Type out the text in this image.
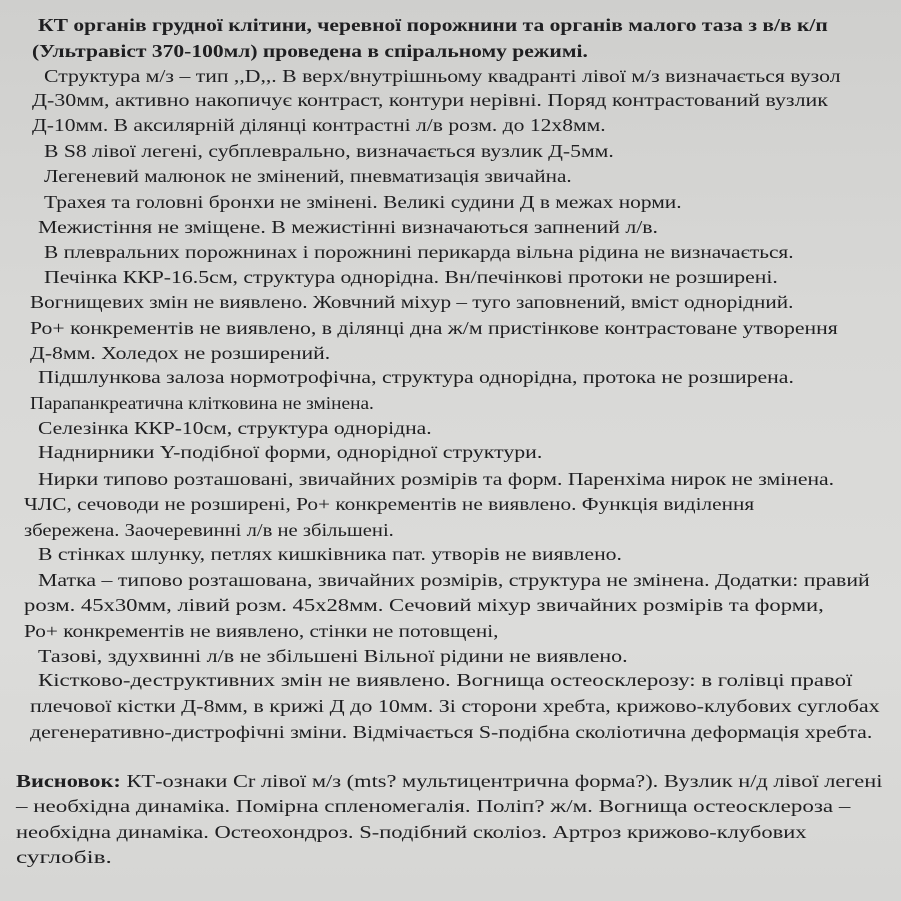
КТ органів грудної клітини, черевної порожнини та органів малого таза з в/в к/п
(Ультравіст 370-100мл) проведена в спіральному режимі.
Структура м/з – тип ,,D,,. В верх/внутрішньому квадранті лівої м/з визначається вузол
Д-30мм, активно накопичує контраст, контури нерівні. Поряд контрастований вузлик
Д-10мм. В аксилярній ділянці контрастні л/в розм. до 12х8мм.
В S8 лівої легені, субплеврально, визначається вузлик Д-5мм.
Легеневий малюнок не змінений, пневматизація звичайна.
Трахея та головні бронхи не змінені. Великі судини Д в межах норми.
Межистіння не зміщене. В межистінні визначаються запнений л/в.
В плевральних порожнинах і порожнині перикарда вільна рідина не визначається.
Печінка ККР-16.5см, структура однорідна. Вн/печінкові протоки не розширені.
Вогнищевих змін не виявлено. Жовчний міхур – туго заповнений, вміст однорідний.
Ро+ конкрементів не виявлено, в ділянці дна ж/м пристінкове контрастоване утворення
Д-8мм. Холедох не розширений.
Підшлункова залоза нормотрофічна, структура однорідна, протока не розширена.
Парапанкреатична клітковина не змінена.
Селезінка ККР-10см, структура однорідна.
Наднирники Y-подібної форми, однорідної структури.
Нирки типово розташовані, звичайних розмірів та форм. Паренхіма нирок не змінена.
ЧЛС, сечоводи не розширені, Ро+ конкрементів не виявлено. Функція виділення
збережена. Заочеревинні л/в не збільшені.
В стінках шлунку, петлях кишківника пат. утворів не виявлено.
Матка – типово розташована, звичайних розмірів, структура не змінена. Додатки: правий
розм. 45х30мм, лівий розм. 45х28мм. Сечовий міхур звичайних розмірів та форми,
Ро+ конкрементів не виявлено, стінки не потовщені,
Тазові, здухвинні л/в не збільшені Вільної рідини не виявлено.
Кістково-деструктивних змін не виявлено. Вогнища остеосклерозу: в голівці правої
плечової кістки Д-8мм, в крижі Д до 10мм. Зі сторони хребта, крижово-клубових суглобах
дегенеративно-дистрофічні зміни. Відмічається S-подібна сколіотична деформація хребта.
Висновок: КТ-ознаки Cr лівої м/з (mts? мультицентрична форма?). Вузлик н/д лівої легені
– необхідна динаміка. Помірна спленомегалія. Поліп? ж/м. Вогнища остеосклероза –
необхідна динаміка. Остеохондроз. S-подібний сколіоз. Артроз крижово-клубових
суглобів.
